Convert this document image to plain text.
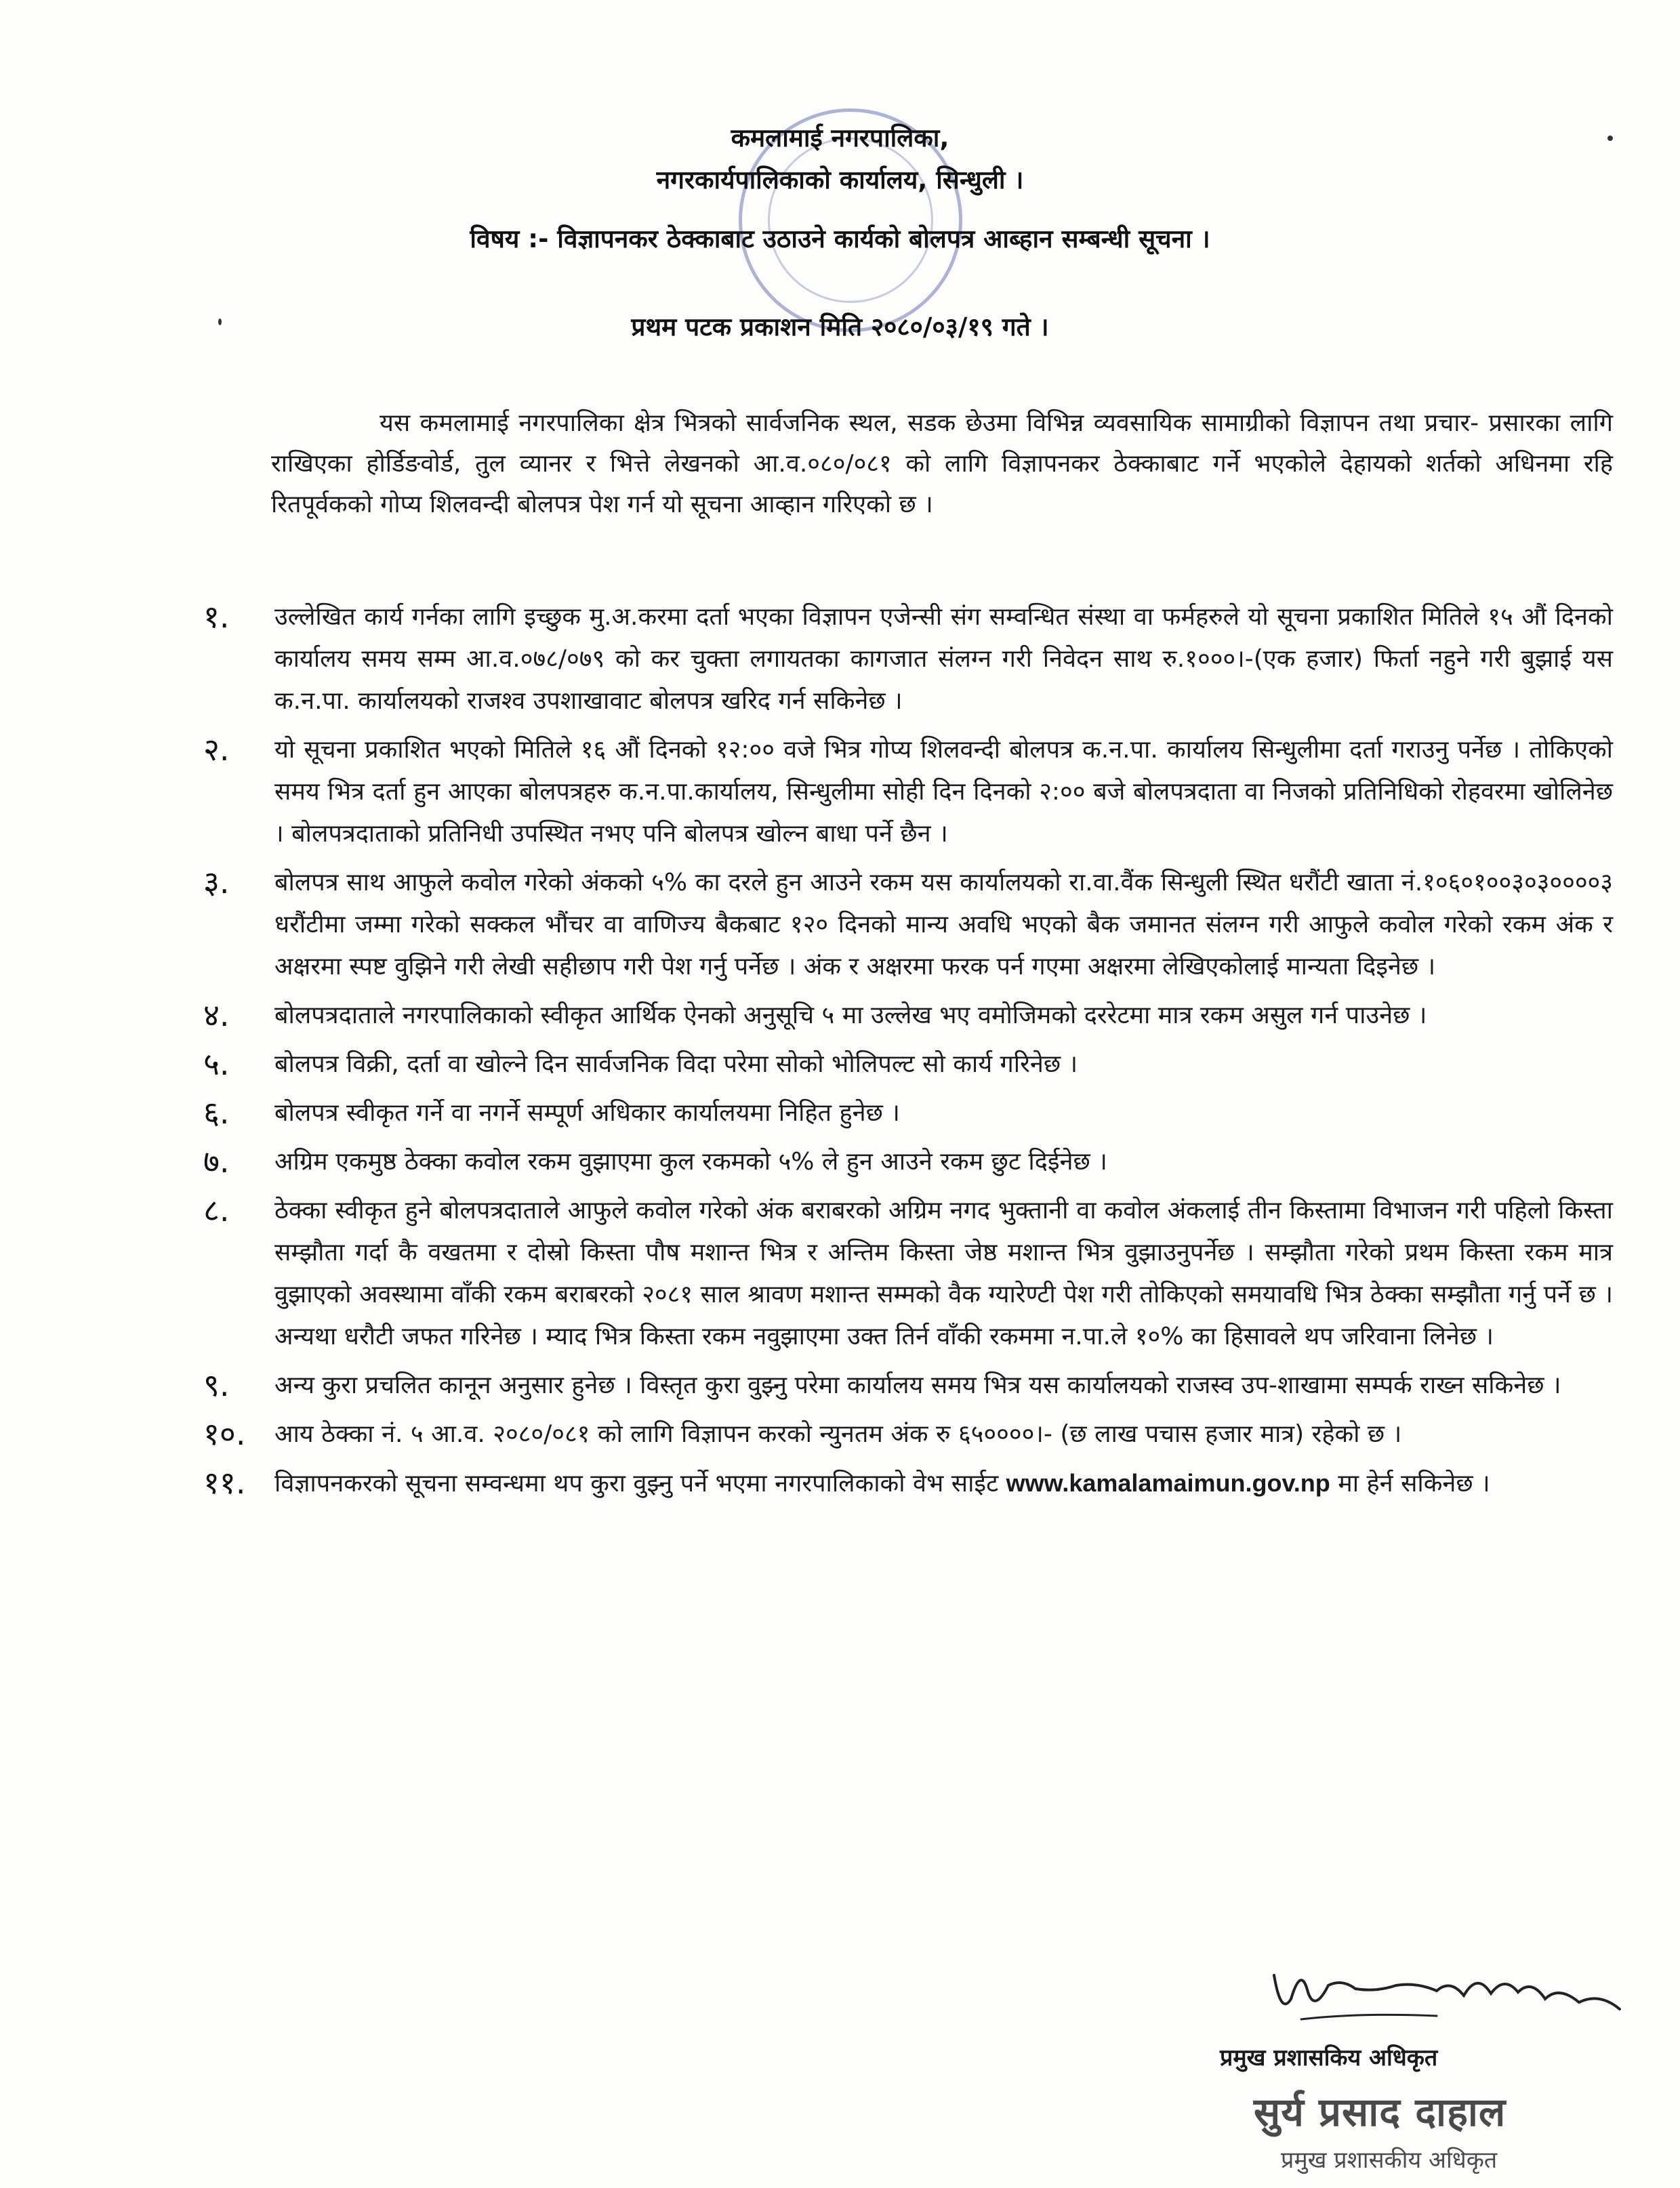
कमलामाई नगरपालिका,
नगरकार्यपालिकाको कार्यालय, सिन्धुली ।
विषय :- विज्ञापनकर ठेक्काबाट उठाउने कार्यको बोलपत्र आब्हान सम्बन्धी सूचना ।
प्रथम पटक प्रकाशन मिति २०८०/०३/१९ गते ।
यस कमलामाई नगरपालिका क्षेत्र भित्रको सार्वजनिक स्थल, सडक छेउमा विभिन्न व्यवसायिक सामाग्रीको विज्ञापन तथा प्रचार- प्रसारका लागि राखिएका होर्डिङवोर्ड, तुल व्यानर र भित्ते लेखनको आ.व.०८०/०८१ को लागि विज्ञापनकर ठेक्काबाट गर्ने भएकोले देहायको शर्तको अधिनमा रहि रितपूर्वकको गोप्य शिलवन्दी बोलपत्र पेश गर्न यो सूचना आव्हान गरिएको छ ।
१.	उल्लेखित कार्य गर्नका लागि इच्छुक मु.अ.करमा दर्ता भएका विज्ञापन एजेन्सी संग सम्वन्धित संस्था वा फर्महरुले यो सूचना प्रकाशित मितिले १५ औं दिनको कार्यालय समय सम्म आ.व.०७८/०७९ को कर चुक्ता लगायतका कागजात संलग्न गरी निवेदन साथ रु.१०००।-(एक हजार) फिर्ता नहुने गरी बुझाई यस क.न.पा. कार्यालयको राजश्व उपशाखावाट बोलपत्र खरिद गर्न सकिनेछ ।
२.	यो सूचना प्रकाशित भएको मितिले १६ औं दिनको १२:०० वजे भित्र गोप्य शिलवन्दी बोलपत्र क.न.पा. कार्यालय सिन्धुलीमा दर्ता गराउनु पर्नेछ । तोकिएको समय भित्र दर्ता हुन आएका बोलपत्रहरु क.न.पा.कार्यालय, सिन्धुलीमा सोही दिन दिनको २:०० बजे बोलपत्रदाता वा निजको प्रतिनिधिको रोहवरमा खोलिनेछ । बोलपत्रदाताको प्रतिनिधी उपस्थित नभए पनि बोलपत्र खोल्न बाधा पर्ने छैन ।
३.	बोलपत्र साथ आफुले कवोल गरेको अंकको ५% का दरले हुन आउने रकम यस कार्यालयको रा.वा.वैंक सिन्धुली स्थित धरौंटी खाता नं.१०६०१००३०३००००३ धरौंटीमा जम्मा गरेको सक्कल भौंचर वा वाणिज्य बैकबाट १२० दिनको मान्य अवधि भएको बैक जमानत संलग्न गरी आफुले कवोल गरेको रकम अंक र अक्षरमा स्पष्ट वुझिने गरी लेखी सहीछाप गरी पेश गर्नु पर्नेछ । अंक र अक्षरमा फरक पर्न गएमा अक्षरमा लेखिएकोलाई मान्यता दिइनेछ ।
४.	बोलपत्रदाताले नगरपालिकाको स्वीकृत आर्थिक ऐनको अनुसूचि ५ मा उल्लेख भए वमोजिमको दररेटमा मात्र रकम असुल गर्न पाउनेछ ।
५.	बोलपत्र विक्री, दर्ता वा खोल्ने दिन सार्वजनिक विदा परेमा सोको भोलिपल्ट सो कार्य गरिनेछ ।
६.	बोलपत्र स्वीकृत गर्ने वा नगर्ने सम्पूर्ण अधिकार कार्यालयमा निहित हुनेछ ।
७.	अग्रिम एकमुष्ठ ठेक्का कवोल रकम वुझाएमा कुल रकमको ५% ले हुन आउने रकम छुट दिईनेछ ।
८.	ठेक्का स्वीकृत हुने बोलपत्रदाताले आफुले कवोल गरेको अंक बराबरको अग्रिम नगद भुक्तानी वा कवोल अंकलाई तीन किस्तामा विभाजन गरी पहिलो किस्ता सम्झौता गर्दा कै वखतमा र दोस्रो किस्ता पौष मशान्त भित्र र अन्तिम किस्ता जेष्ठ मशान्त भित्र वुझाउनुपर्नेछ । सम्झौता गरेको प्रथम किस्ता रकम मात्र वुझाएको अवस्थामा वाँकी रकम बराबरको २०८१ साल श्रावण मशान्त सम्मको वैक ग्यारेण्टी पेश गरी तोकिएको समयावधि भित्र ठेक्का सम्झौता गर्नु पर्ने छ । अन्यथा धरौटी जफत गरिनेछ । म्याद भित्र किस्ता रकम नवुझाएमा उक्त तिर्न वाँकी रकममा न.पा.ले १०% का हिसावले थप जरिवाना लिनेछ ।
९.	अन्य कुरा प्रचलित कानून अनुसार हुनेछ । विस्तृत कुरा वुझ्नु परेमा कार्यालय समय भित्र यस कार्यालयको राजस्व उप-शाखामा सम्पर्क राख्न सकिनेछ ।
१०.	आय ठेक्का नं. ५ आ.व. २०८०/०८१ को लागि विज्ञापन करको न्युनतम अंक रु ६५००००।- (छ लाख पचास हजार मात्र) रहेको छ ।
११.	विज्ञापनकरको सूचना सम्वन्धमा थप कुरा वुझ्नु पर्ने भएमा नगरपालिकाको वेभ साईट www.kamalamaimun.gov.np मा हेर्न सकिनेछ ।
प्रमुख प्रशासकिय अधिकृत
सुर्य प्रसाद दाहाल
प्रमुख प्रशासकीय अधिकृत
